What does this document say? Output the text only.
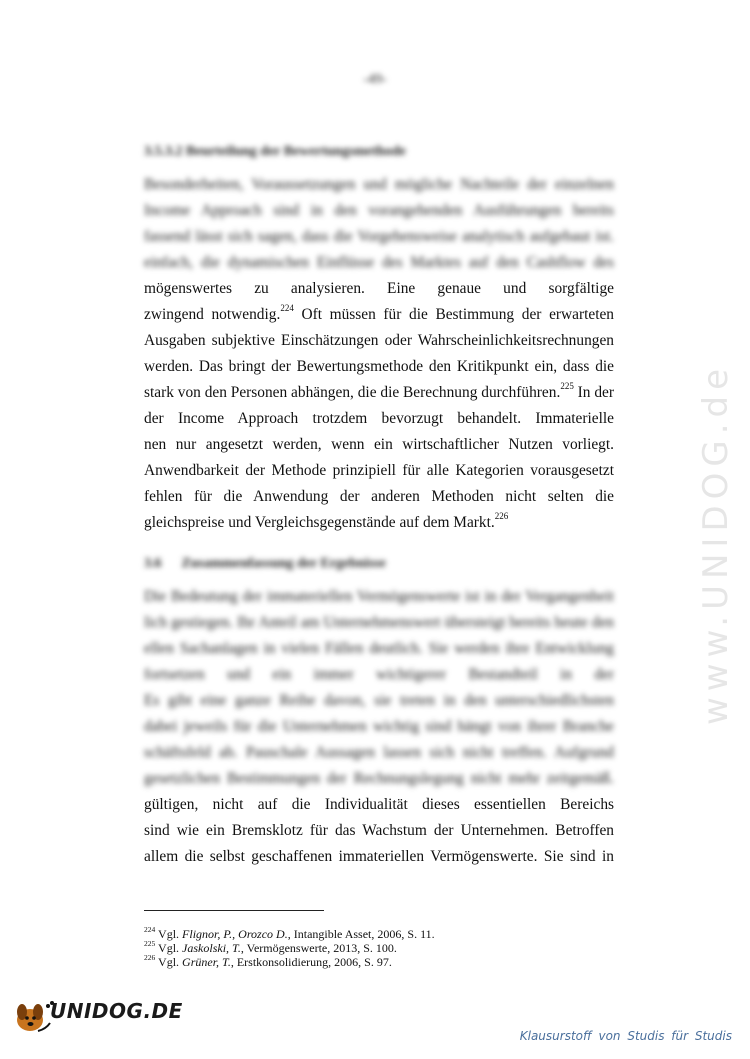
-49-
3.5.3.2 Beurteilung der Bewertungsmethode
Besonderheiten, Voraussetzungen und mögliche Nachteile der einzelnen
Income Approach sind in den vorangehenden Ausführungen bereits
fassend lässt sich sagen, dass die Vorgehensweise analytisch aufgebaut ist.
einfach, die dynamischen Einflüsse des Marktes auf den Cashflow des
mögenswertes zu analysieren. Eine genaue und sorgfältige
zwingend notwendig.$^{224}$ Oft müssen für die Bestimmung der erwarteten
Ausgaben subjektive Einschätzungen oder Wahrscheinlichkeitsrechnungen
werden. Das bringt der Bewertungsmethode den Kritikpunkt ein, dass die
stark von den Personen abhängen, die die Berechnung durchführen.$^{225}$ In der
der Income Approach trotzdem bevorzugt behandelt. Immaterielle
nen nur angesetzt werden, wenn ein wirtschaftlicher Nutzen vorliegt.
Anwendbarkeit der Methode prinzipiell für alle Kategorien vorausgesetzt
fehlen für die Anwendung der anderen Methoden nicht selten die
gleichspreise und Vergleichsgegenstände auf dem Markt.$^{226}$
3.6 Zusammenfassung der Ergebnisse
Die Bedeutung der immateriellen Vermögenswerte ist in der Vergangenheit
lich gestiegen. Ihr Anteil am Unternehmenswert übersteigt bereits heute den
ellen Sachanlagen in vielen Fällen deutlich. Sie werden ihre Entwicklung
fortsetzen und ein immer wichtigerer Bestandteil in der
Es gibt eine ganze Reihe davon, sie treten in den unterschiedlichsten
dabei jeweils für die Unternehmen wichtig sind hängt von ihrer Branche
schäftsfeld ab. Pauschale Aussagen lassen sich nicht treffen. Aufgrund
gesetzlichen Bestimmungen der Rechnungslegung nicht mehr zeitgemäß.
gültigen, nicht auf die Individualität dieses essentiellen Bereichs
sind wie ein Bremsklotz für das Wachstum der Unternehmen. Betroffen
allem die selbst geschaffenen immateriellen Vermögenswerte. Sie sind in
$^{224}$ Vgl. Flignor, P., Orozco D., Intangible Asset, 2006, S. 11.
$^{225}$ Vgl. Jaskolski, T., Vermögenswerte, 2013, S. 100.
$^{226}$ Vgl. Grüner, T., Erstkonsolidierung, 2006, S. 97.
www.UNIDOG.de
UNIDOG.DE
Klausurstoff von Studis für Studis
